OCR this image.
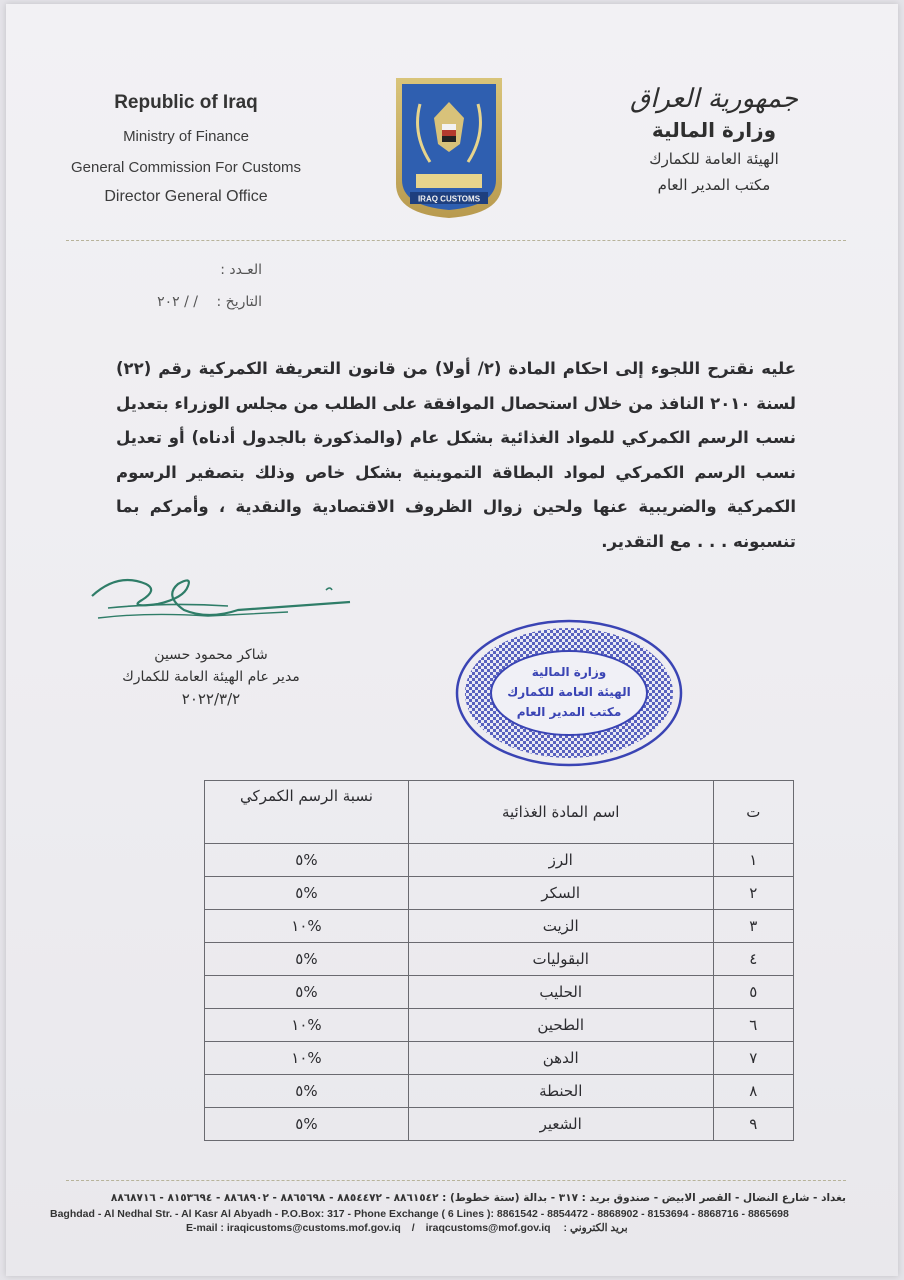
Republic of Iraq
Ministry of Finance
General Commission For Customs
Director General Office	IRAQ CUSTOMS
جمهورية العراق
وزارة المالية
الهيئة العامة للكمارك
مكتب المدير العام
العـدد :
التاريخ : / / ٢٠٢
عليه نقترح اللجوء إلى احكام المادة (٢/ أولا) من قانون التعريفة الكمركية رقم (٢٢) لسنة ٢٠١٠ النافذ من خلال استحصال الموافقة على الطلب من مجلس الوزراء بتعديل نسب الرسم الكمركي للمواد الغذائية بشكل عام (والمذكورة بالجدول أدناه) أو تعديل نسب الرسم الكمركي لمواد البطاقة التموينية بشكل خاص وذلك بتصفير الرسوم الكمركية والضريبية عنها ولحين زوال الظروف الاقتصادية والنقدية ، وأمركم بما تنسبونه . . . مع التقدير.
شاكر محمود حسين
مدير عام الهيئة العامة للكمارك
٢٠٢٢/٣/٢
وزارة المالية
الهيئة العامة للكمارك
مكتب المدير العام
ت	اسم المادة الغذائية	نسبة الرسم الكمركي
١	الرز	%٥
٢	السكر	%٥
٣	الزيت	%١٠
٤	البقوليات	%٥
٥	الحليب	%٥
٦	الطحين	%١٠
٧	الدهن	%١٠
٨	الحنطة	%٥
٩	الشعير	%٥
بغداد - شارع النضال - القصر الابيض - صندوق بريد : ٣١٧ - بدالة (ستة خطوط) : ٨٨٦١٥٤٢ - ٨٨٥٤٤٧٢ - ٨٨٦٥٦٩٨ - ٨٨٦٨٩٠٢ - ٨١٥٣٦٩٤ - ٨٨٦٨٧١٦
Baghdad - Al Nedhal Str. - Al Kasr Al Abyadh - P.O.Box: 317 - Phone Exchange ( 6 Lines ): 8861542 - 8854472 - 8868902 - 8153694 - 8868716 - 8865698
E-mail : iraqicustoms@customs.mof.gov.iq / iraqcustoms@mof.gov.iq بريد الكتروني :
